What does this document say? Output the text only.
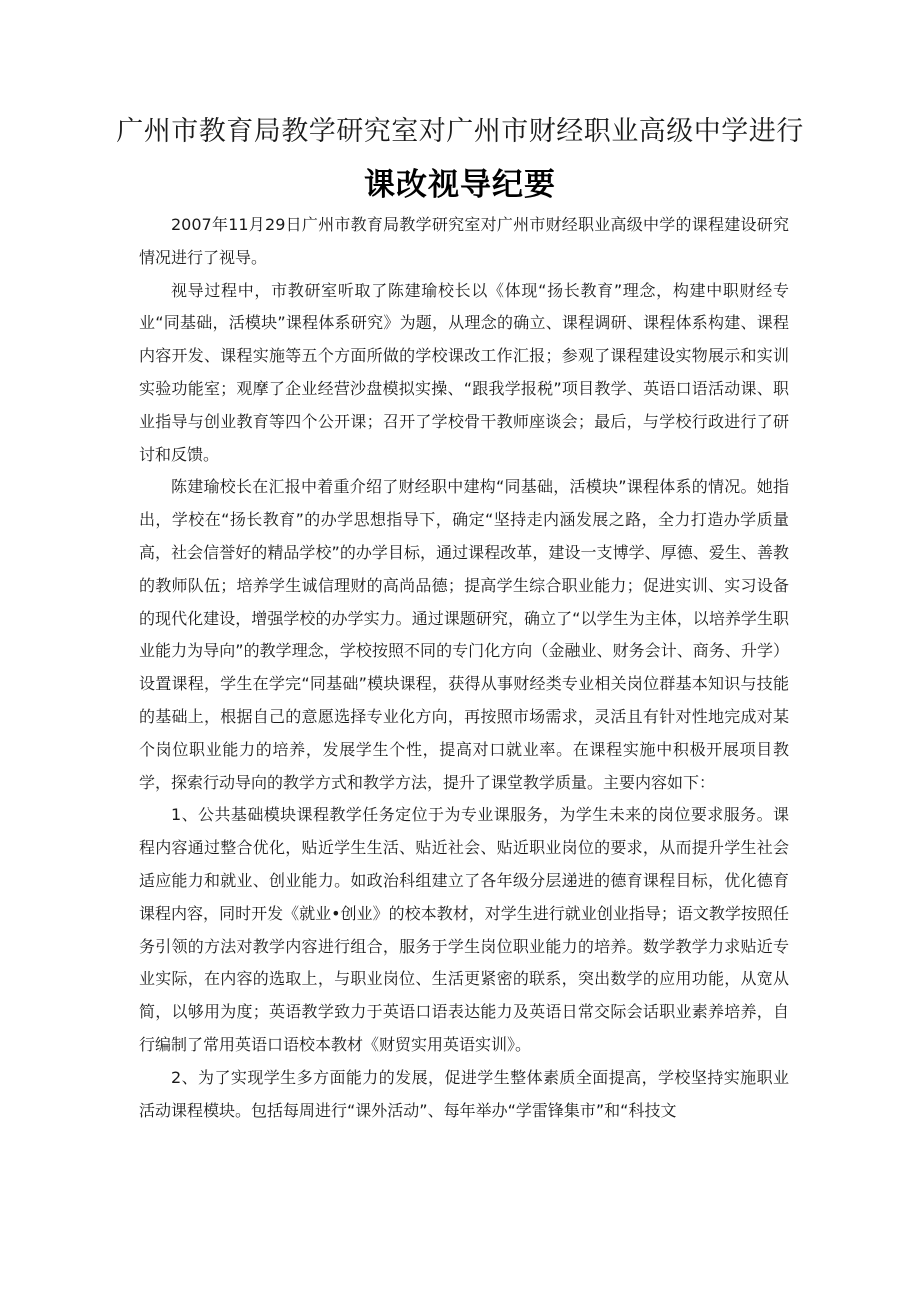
广州市教育局教学研究室对广州市财经职业高级中学进行
课改视导纪要

2007年11月29日广州市教育局教学研究室对广州市财经职业高级中学的课程建设研究情况进行了视导。

视导过程中，市教研室听取了陈建瑜校长以《体现“扬长教育”理念，构建中职财经专业“同基础，活模块”课程体系研究》为题，从理念的确立、课程调研、课程体系构建、课程内容开发、课程实施等五个方面所做的学校课改工作汇报；参观了课程建设实物展示和实训实验功能室；观摩了企业经营沙盘模拟实操、“跟我学报税”项目教学、英语口语活动课、职业指导与创业教育等四个公开课；召开了学校骨干教师座谈会；最后，与学校行政进行了研讨和反馈。

陈建瑜校长在汇报中着重介绍了财经职中建构“同基础，活模块”课程体系的情况。她指出，学校在“扬长教育”的办学思想指导下，确定“坚持走内涵发展之路，全力打造办学质量高，社会信誉好的精品学校”的办学目标，通过课程改革，建设一支博学、厚德、爱生、善教的教师队伍；培养学生诚信理财的高尚品德；提高学生综合职业能力；促进实训、实习设备的现代化建设，增强学校的办学实力。通过课题研究，确立了“以学生为主体，以培养学生职业能力为导向”的教学理念，学校按照不同的专门化方向（金融业、财务会计、商务、升学）设置课程，学生在学完“同基础”模块课程，获得从事财经类专业相关岗位群基本知识与技能的基础上，根据自己的意愿选择专业化方向，再按照市场需求，灵活且有针对性地完成对某个岗位职业能力的培养，发展学生个性，提高对口就业率。在课程实施中积极开展项目教学，探索行动导向的教学方式和教学方法，提升了课堂教学质量。主要内容如下：

1、公共基础模块课程教学任务定位于为专业课服务，为学生未来的岗位要求服务。课程内容通过整合优化，贴近学生生活、贴近社会、贴近职业岗位的要求，从而提升学生社会适应能力和就业、创业能力。如政治科组建立了各年级分层递进的德育课程目标，优化德育课程内容，同时开发《就业•创业》的校本教材，对学生进行就业创业指导；语文教学按照任务引领的方法对教学内容进行组合，服务于学生岗位职业能力的培养。数学教学力求贴近专业实际，在内容的选取上，与职业岗位、生活更紧密的联系，突出数学的应用功能，从宽从简，以够用为度；英语教学致力于英语口语表达能力及英语日常交际会话职业素养培养，自行编制了常用英语口语校本教材《财贸实用英语实训》。

2、为了实现学生多方面能力的发展，促进学生整体素质全面提高，学校坚持实施职业活动课程模块。包括每周进行“课外活动”、每年举办“学雷锋集市”和“科技文
